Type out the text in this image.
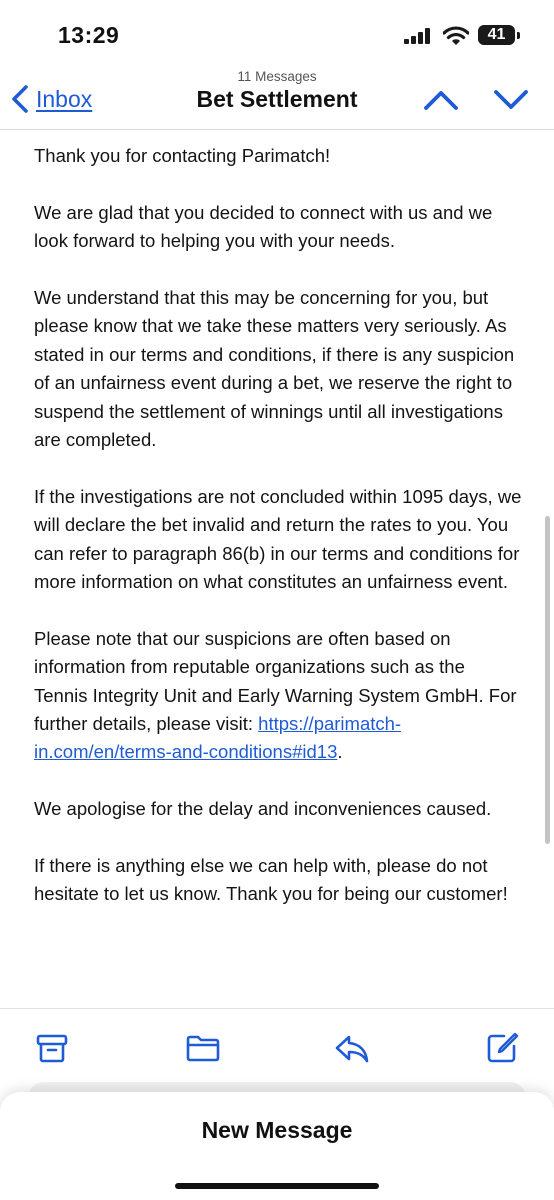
13:29	41
Inbox
11 Messages
Bet Settlement

Thank you for contacting Parimatch!

We are glad that you decided to connect with us and we look forward to helping you with your needs.

We understand that this may be concerning for you, but please know that we take these matters very seriously. As stated in our terms and conditions, if there is any suspicion of an unfairness event during a bet, we reserve the right to suspend the settlement of winnings until all investigations are completed.

If the investigations are not concluded within 1095 days, we will declare the bet invalid and return the rates to you. You can refer to paragraph 86(b) in our terms and conditions for more information on what constitutes an unfairness event.

Please note that our suspicions are often based on information from reputable organizations such as the Tennis Integrity Unit and Early Warning System GmbH. For further details, please visit: https://parimatch-in.com/en/terms-and-conditions#id13.

We apologise for the delay and inconveniences caused.

If there is anything else we can help with, please do not hesitate to let us know. Thank you for being our customer!

New Message
